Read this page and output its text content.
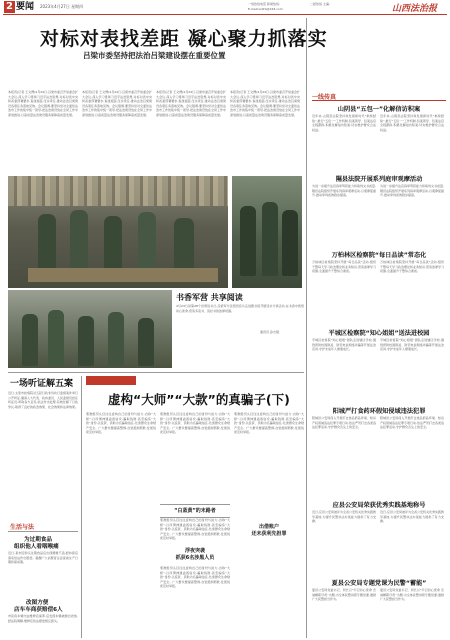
2 要闻 2023年4月27日 星期四	一线热线电话 新闻热线:	二版热线 主编:
E-mail:sxllrb@163.com	山西法治报
对标对表找差距 凝心聚力抓落实
吕梁市委坚持把法治吕梁建设摆在重要位置
本报讯(记者 王文博)4月24日,吕梁市委召开常委会扩大会议,深入学习贯彻习近平法治思想,对标对表中央和省委部署要求,查找差距,压实责任,推动法治吕梁建设各项任务落地见效。会议强调,要坚持党对全面依法治市工作的集中统一领导,把法治建设放在全局工作中谋划推进,以高质量法治建设服务保障高质量发展。
本报讯(记者 王文博)4月24日,吕梁市委召开常委会扩大会议,深入学习贯彻习近平法治思想,对标对表中央和省委部署要求,查找差距,压实责任,推动法治吕梁建设各项任务落地见效。会议强调,要坚持党对全面依法治市工作的集中统一领导,把法治建设放在全局工作中谋划推进,以高质量法治建设服务保障高质量发展。
本报讯(记者 王文博)4月24日,吕梁市委召开常委会扩大会议,深入学习贯彻习近平法治思想,对标对表中央和省委部署要求,查找差距,压实责任,推动法治吕梁建设各项任务落地见效。会议强调,要坚持党对全面依法治市工作的集中统一领导,把法治建设放在全局工作中谋划推进,以高质量法治建设服务保障高质量发展。
本报讯(记者 王文博)4月24日,吕梁市委召开常委会扩大会议,深入学习贯彻习近平法治思想,对标对表中央和省委部署要求,查找差距,压实责任,推动法治吕梁建设各项任务落地见效。会议强调,要坚持党对全面依法治市工作的集中统一领导,把法治建设放在全局工作中谋划推进,以高质量法治建设服务保障高质量发展。
书香军营 共享阅读
4月23日是第28个世界读书日,吕梁军分区组织官兵走进图书馆开展读书分享活动,在书香中感悟初心使命,营造多读书、读好书的浓厚氛围。
通讯员 孙志强
一场听证解五案
近日,太原市检察院对五起行政非诉执行监督案件举行公开听证,邀请人大代表、政协委员、人民监督员担任听证员,听取各方意见,依法作出处理,有效化解了行政争议,取得了良好的政治效果、社会效果和法律效果。
生活与法
为过期食品
组织他人看咽喉痛
近日,某市民购买过期食品后出现咽喉不适,经协商后商家依法作出赔偿。提醒广大消费者注意查看生产日期和保质期。
改图方便
店车车商获赔偿6人
市民将车辆交由维修店保养,后发现车辆被擅自改装,经法院调解,维修店依法赔偿相应损失。
反邪教警示宣传栏
虚构“大师”“大款”的真骗子(下)
邪教组织头目往往虚构自己的身份与能力,自称“大师”,以所谓神通蛊惑信众,骗取钱财,甚至编造“大款”身份,以投资、资助为名骗取信任,危害群众生命财产安全。广大群众要提高警惕,自觉抵制邪教,发现线索及时举报。
邪教组织头目往往虚构自己的身份与能力,自称“大师”,以所谓神通蛊惑信众,骗取钱财,甚至编造“大款”身份,以投资、资助为名骗取信任,危害群众生命财产安全。广大群众要提高警惕,自觉抵制邪教,发现线索及时举报。
邪教组织头目往往虚构自己的身份与能力,自称“大师”,以所谓神通蛊惑信众,骗取钱财,甚至编造“大款”身份,以投资、资助为名骗取信任,危害群众生命财产安全。广大群众要提高警惕,自觉抵制邪教,发现线索及时举报。
“白蓝黄”的末路者
邪教组织头目往往虚构自己的身份与能力,自称“大师”,以所谓神通蛊惑信众,骗取钱财,甚至编造“大款”身份,以投资、资助为名骗取信任,危害群众生命财产安全。广大群众要提高警惕,自觉抵制邪教,发现线索及时举报。
浮夜突袭
抓获6名涉黑人员
邪教组织头目往往虚构自己的身份与能力,自称“大师”,以所谓神通蛊惑信众,骗取钱财,甚至编造“大款”身份,以投资、资助为名骗取信任,危害群众生命财产安全。广大群众要提高警惕,自觉抵制邪教,发现线索及时举报。
出借账户
还未获利先担罪
一线传真
山阴县“五包一”化解信访积案
近年来,山阴县法院坚持和发展新时代“枫桥经验”,推行“五包一”工作机制,包案领导、包案法官全程跟踪,积极化解信访积案,切实维护群众合法权益。
近年来,山阴县法院坚持和发展新时代“枫桥经验”,推行“五包一”工作机制,包案领导、包案法官全程跟踪,积极化解信访积案,切实维护群众合法权益。
隰县法院开展系列庭审观摩活动
为进一步提升法官庭审驾驭能力和裁判文书质量,隰县法院组织开展系列庭审观摩活动,以观摩促提升,推动审判质效稳步提高。
为进一步提升法官庭审驾驭能力和裁判文书质量,隰县法院组织开展系列庭审观摩活动,以观摩促提升,推动审判质效稳步提高。
万柏林区检察院“每日品读”常态化
万柏林区检察院坚持开展“每日品读”活动,组织干警每天学习政治理论和业务知识,营造浓厚学习氛围,全面提升干警综合素质。
万柏林区检察院坚持开展“每日品读”活动,组织干警每天学习政治理论和业务知识,营造浓厚学习氛围,全面提升干警综合素质。
平城区检察院“知心姐姐”送法进校园
平城区检察院“知心姐姐”团队走进辖区学校,围绕预防校园欺凌、防范电信网络诈骗等开展法治宣讲,守护未成年人健康成长。
平城区检察院“知心姐姐”团队走进辖区学校,围绕预防校园欺凌、防范电信网络诈骗等开展法治宣讲,守护未成年人健康成长。
阳城严打食药环假知侵域违法犯罪
阳城县公安局深入开展打击食品药品环境、知识产权领域违法犯罪专项行动,依法严厉打击各类违法犯罪活动,守护群众舌尖上的安全。
阳城县公安局深入开展打击食品药品环境、知识产权领域违法犯罪专项行动,依法严厉打击各类违法犯罪活动,守护群众舌尖上的安全。
应县公安局荣获优秀实践基地称号
近日,应县公安局被评为全省公安机关优秀实践教学基地,为提升民警执法办案能力提供了有力支撑。
近日,应县公安局被评为全省公安机关优秀实践教学基地,为提升民警执法办案能力提供了有力支撑。
夏县公安局专题党课为民警“蓄能”
夏县公安局党委书记、局长以“牢记初心使命 忠诚履职尽责”为题,为全体民警讲授专题党课,激励广大民警担当作为。
夏县公安局党委书记、局长以“牢记初心使命 忠诚履职尽责”为题,为全体民警讲授专题党课,激励广大民警担当作为。
